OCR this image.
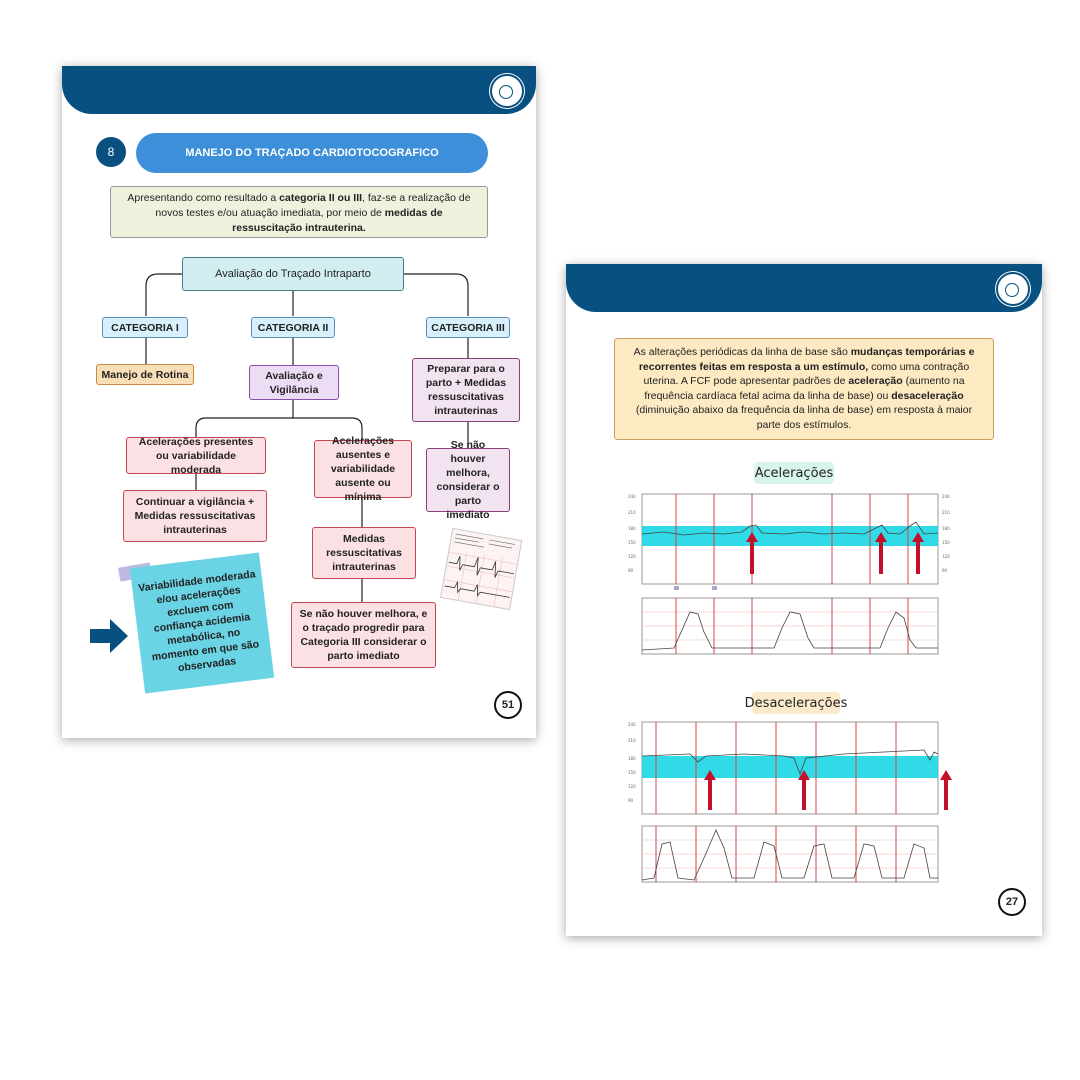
8	MANEJO DO TRAÇADO CARDIOTOCOGRAFICO
Apresentando como resultado a categoria II ou III, faz-se a realização de novos testes e/ou atuação imediata, por meio de medidas de ressuscitação intrauterina.
Avaliação do Traçado Intraparto
CATEGORIA I	CATEGORIA II	CATEGORIA III
Manejo de Rotina	Avaliação e Vigilância
Preparar para o parto + Medidas ressuscitativas intrauterinas
Se não houver melhora, considerar o parto imediato
Acelerações presentes ou variabilidade moderada
Continuar a vigilância + Medidas ressuscitativas intrauterinas
Acelerações ausentes e variabilidade ausente ou mínima
Medidas ressuscitativas intrauterinas
Se não houver melhora, e o traçado progredir para Categoria III considerar o parto imediato
Variabilidade moderada e/ou acelerações excluem com confiança acidemia metabólica, no momento em que são observadas
51
As alterações periódicas da linha de base são mudanças temporárias e recorrentes feitas em resposta a um estímulo, como uma contração uterina. A FCF pode apresentar padrões de aceleração (aumento na frequência cardíaca fetal acima da linha de base) ou desaceleração (diminuição abaixo da frequência da linha de base) em resposta à maior parte dos estímulos.
Acelerações
240
210
180
150
120
90
240
210
180
150
120
90
Desacelerações
240
210
180
150
120
90
27
